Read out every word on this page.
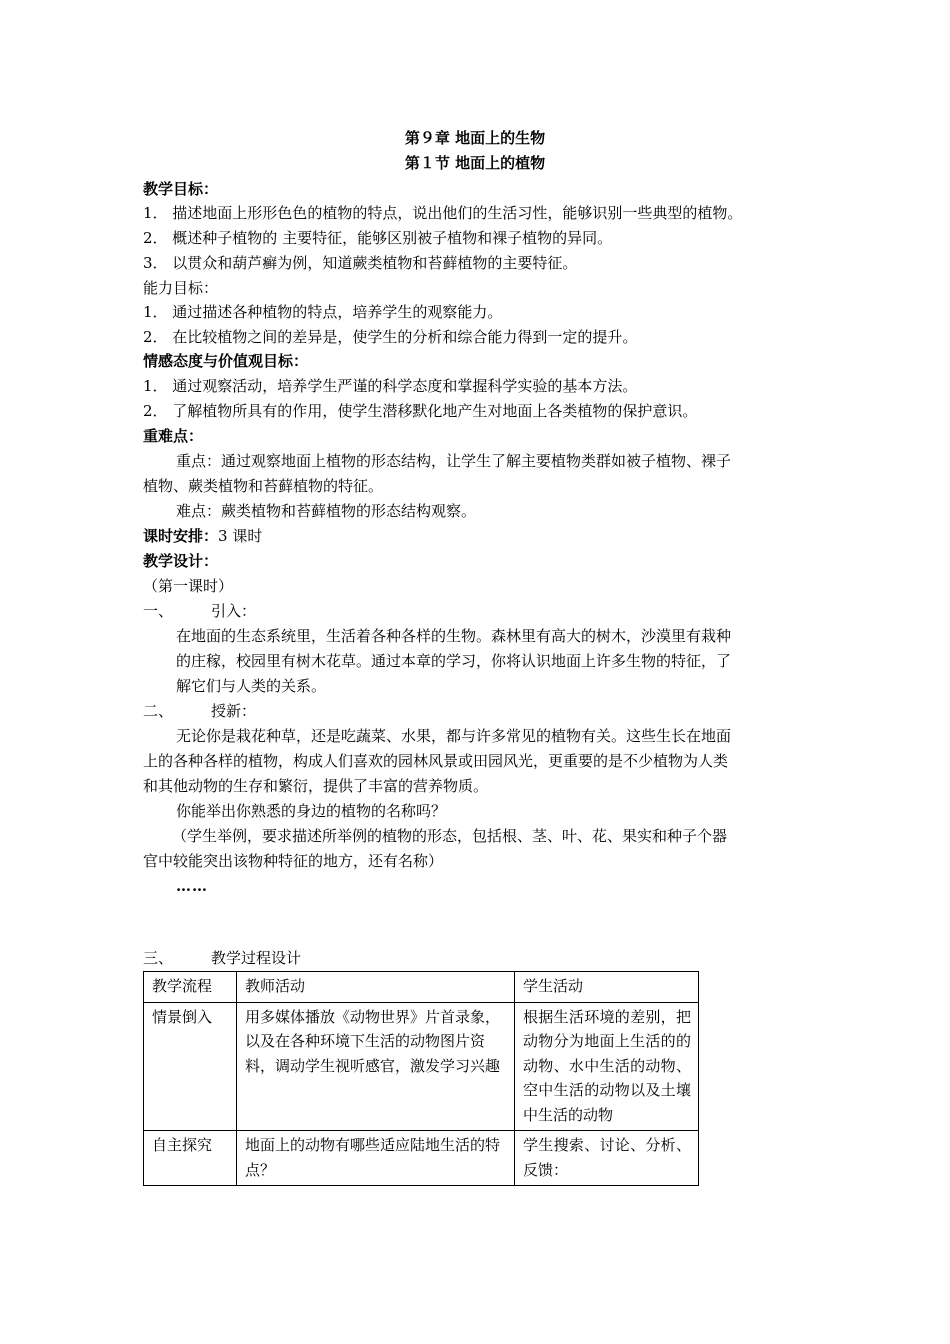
第９章 地面上的生物
第１节 地面上的植物
教学目标：
1． 描述地面上形形色色的植物的特点，说出他们的生活习性，能够识别一些典型的植物。
2． 概述种子植物的 主要特征，能够区别被子植物和裸子植物的异同。
3． 以贯众和葫芦癣为例，知道蕨类植物和苔藓植物的主要特征。
能力目标：
1． 通过描述各种植物的特点，培养学生的观察能力。
2． 在比较植物之间的差异是，使学生的分析和综合能力得到一定的提升。
情感态度与价值观目标：
1． 通过观察活动，培养学生严谨的科学态度和掌握科学实验的基本方法。
2． 了解植物所具有的作用，使学生潜移默化地产生对地面上各类植物的保护意识。
重难点：
重点：通过观察地面上植物的形态结构，让学生了解主要植物类群如被子植物、裸子
植物、蕨类植物和苔藓植物的特征。
难点：蕨类植物和苔藓植物的形态结构观察。
课时安排：3 课时
教学设计：
（第一课时）
一、	引入：
在地面的生态系统里，生活着各种各样的生物。森林里有高大的树木，沙漠里有栽种
的庄稼，校园里有树木花草。通过本章的学习，你将认识地面上许多生物的特征，了
解它们与人类的关系。
二、	授新：
无论你是栽花种草，还是吃蔬菜、水果，都与许多常见的植物有关。这些生长在地面
上的各种各样的植物，构成人们喜欢的园林风景或田园风光，更重要的是不少植物为人类
和其他动物的生存和繁衍，提供了丰富的营养物质。
你能举出你熟悉的身边的植物的名称吗？
（学生举例，要求描述所举例的植物的形态，包括根、茎、叶、花、果实和种子个器
官中较能突出该物种特征的地方，还有名称）
……
三、	教学过程设计
教学流程	教师活动	学生活动
情景倒入	用多媒体播放《动物世界》片首录象，以及在各种环境下生活的动物图片资料，调动学生视听感官，激发学习兴趣	根据生活环境的差别，把动物分为地面上生活的的动物、水中生活的动物、空中生活的动物以及土壤中生活的动物
自主探究	地面上的动物有哪些适应陆地生活的特点？	学生搜索、讨论、分析、反馈：
